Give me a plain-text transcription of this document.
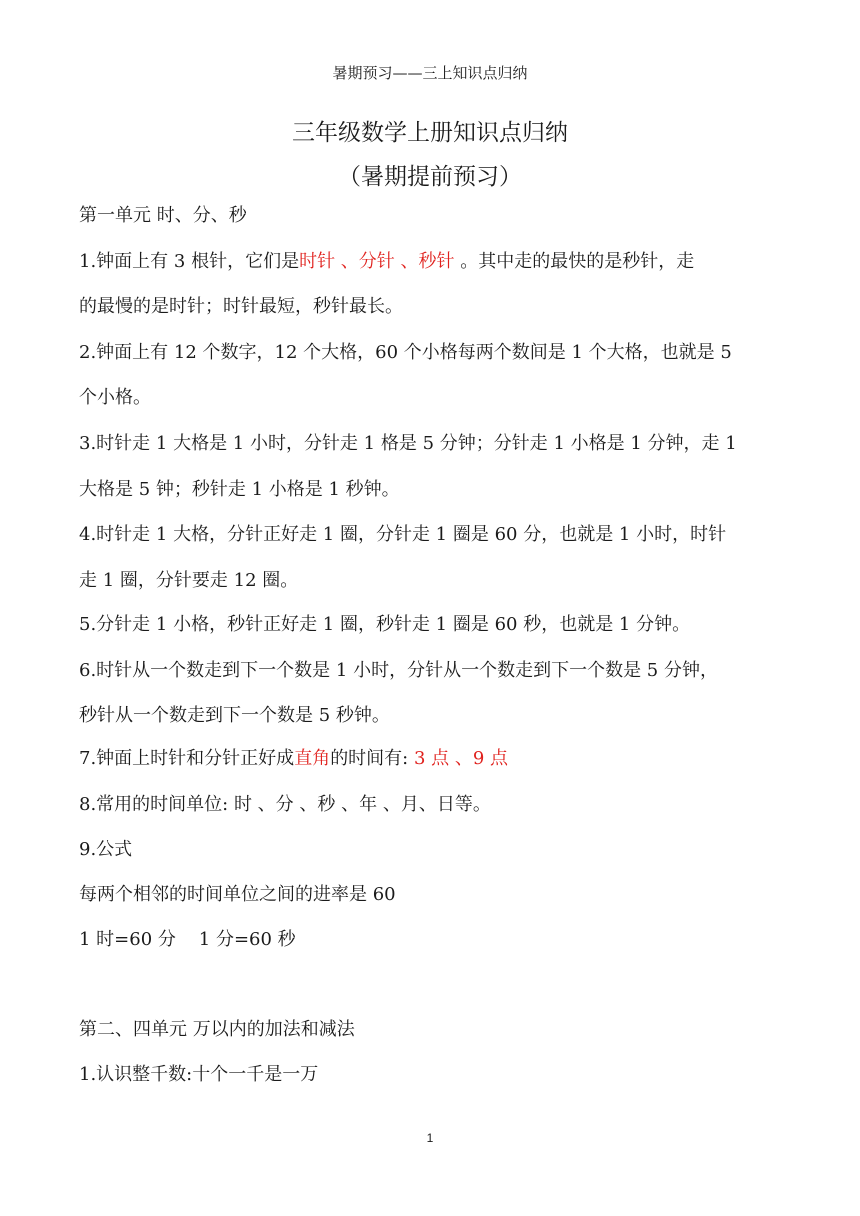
暑期预习——三上知识点归纳
三年级数学上册知识点归纳
（暑期提前预习）
第一单元 时、分、秒
1.钟面上有 3 根针，它们是时针 、分针 、秒针 。其中走的最快的是秒针，走
的最慢的是时针；时针最短，秒针最长。
2.钟面上有 12 个数字，12 个大格，60 个小格每两个数间是 1 个大格，也就是 5
个小格。
3.时针走 1 大格是 1 小时，分针走 1 格是 5 分钟；分针走 1 小格是 1 分钟，走 1
大格是 5 钟；秒针走 1 小格是 1 秒钟。
4.时针走 1 大格，分针正好走 1 圈，分针走 1 圈是 60 分，也就是 1 小时，时针
走 1 圈，分针要走 12 圈。
5.分针走 1 小格，秒针正好走 1 圈，秒针走 1 圈是 60 秒，也就是 1 分钟。
6.时针从一个数走到下一个数是 1 小时，分针从一个数走到下一个数是 5 分钟，
秒针从一个数走到下一个数是 5 秒钟。
7.钟面上时针和分针正好成直角的时间有: 3 点 、9 点
8.常用的时间单位: 时 、分 、秒 、年 、月、日等。
9.公式
每两个相邻的时间单位之间的进率是 60
1 时=60 分    1 分=60 秒
第二、四单元 万以内的加法和减法
1.认识整千数:十个一千是一万
1
